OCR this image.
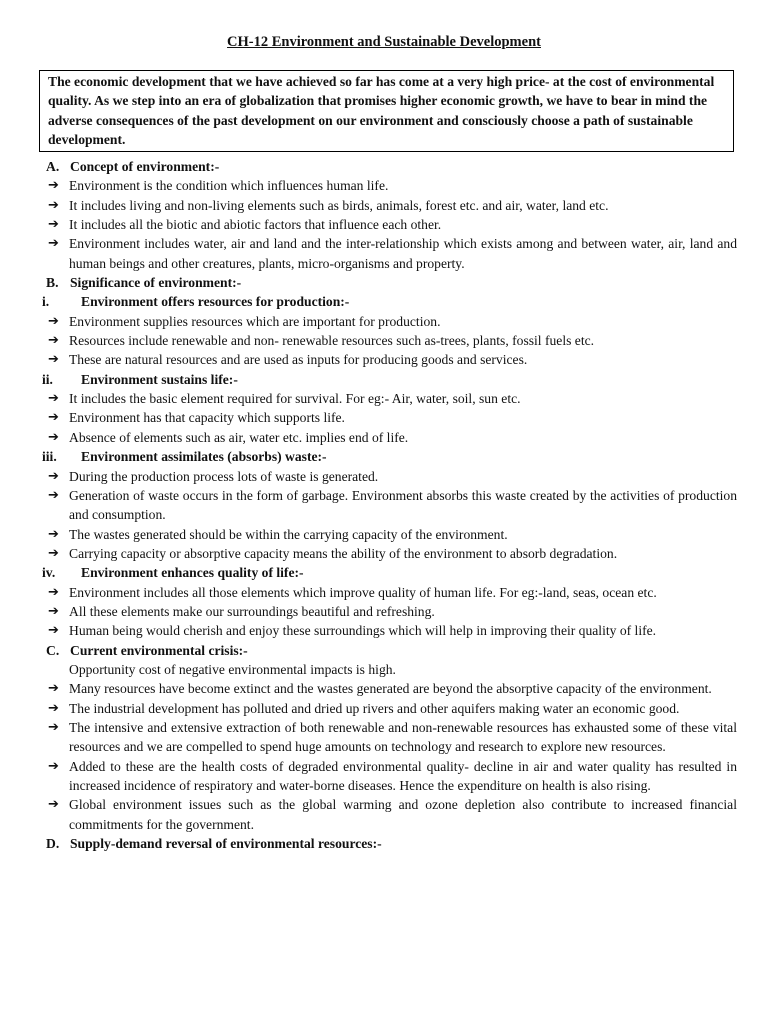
CH-12 Environment and Sustainable Development
The economic development that we have achieved so far has come at a very high price- at the cost of environmental quality. As we step into an era of globalization that promises higher economic growth, we have to bear in mind the adverse consequences of the past development on our environment and consciously choose a path of sustainable development.
A. Concept of environment:-
➔ Environment is the condition which influences human life.
➔ It includes living and non-living elements such as birds, animals, forest etc. and air, water, land etc.
➔ It includes all the biotic and abiotic factors that influence each other.
➔ Environment includes water, air and land and the inter-relationship which exists among and between water, air, land and human beings and other creatures, plants, micro-organisms and property.
B. Significance of environment:-
i. Environment offers resources for production:-
➔ Environment supplies resources which are important for production.
➔ Resources include renewable and non- renewable resources such as-trees, plants, fossil fuels etc.
➔ These are natural resources and are used as inputs for producing goods and services.
ii. Environment sustains life:-
➔ It includes the basic element required for survival. For eg:- Air, water, soil, sun etc.
➔ Environment has that capacity which supports life.
➔ Absence of elements such as air, water etc. implies end of life.
iii. Environment assimilates (absorbs) waste:-
➔ During the production process lots of waste is generated.
➔ Generation of waste occurs in the form of garbage. Environment absorbs this waste created by the activities of production and consumption.
➔ The wastes generated should be within the carrying capacity of the environment.
➔ Carrying capacity or absorptive capacity means the ability of the environment to absorb degradation.
iv. Environment enhances quality of life:-
➔ Environment includes all those elements which improve quality of human life. For eg:-land, seas, ocean etc.
➔ All these elements make our surroundings beautiful and refreshing.
➔ Human being would cherish and enjoy these surroundings which will help in improving their quality of life.
C. Current environmental crisis:-
Opportunity cost of negative environmental impacts is high.
➔ Many resources have become extinct and the wastes generated are beyond the absorptive capacity of the environment.
➔ The industrial development has polluted and dried up rivers and other aquifers making water an economic good.
➔ The intensive and extensive extraction of both renewable and non-renewable resources has exhausted some of these vital resources and we are compelled to spend huge amounts on technology and research to explore new resources.
➔ Added to these are the health costs of degraded environmental quality- decline in air and water quality has resulted in increased incidence of respiratory and water-borne diseases. Hence the expenditure on health is also rising.
➔ Global environment issues such as the global warming and ozone depletion also contribute to increased financial commitments for the government.
D. Supply-demand reversal of environmental resources:-
